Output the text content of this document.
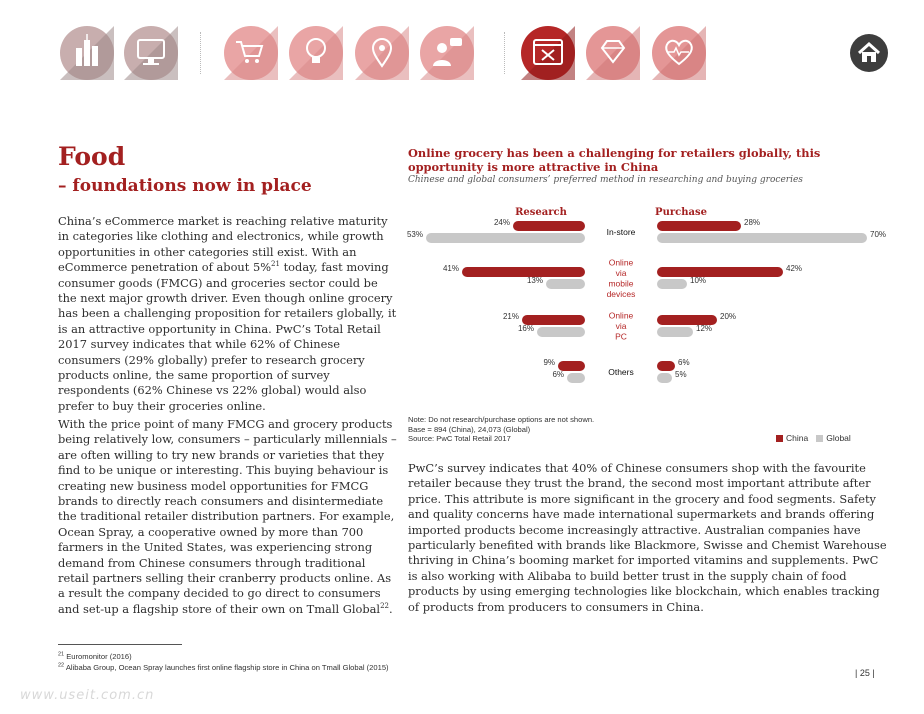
Food
– foundations now in place

China’s eCommerce market is reaching relative maturity in categories like clothing and electronics, while growth opportunities in other categories still exist. With an eCommerce penetration of about 5%$^{21}$ today, fast moving consumer goods (FMCG) and groceries sector could be the next major growth driver. Even though online grocery has been a challenging proposition for retailers globally, it is an attractive opportunity in China. PwC’s Total Retail 2017 survey indicates that while 62% of Chinese consumers (29% globally) prefer to research grocery products online, the same proportion of survey respondents (62% Chinese vs 22% global) would also prefer to buy their groceries online.

With the price point of many FMCG and grocery products being relatively low, consumers – particularly millennials – are often willing to try new brands or varieties that they find to be unique or interesting. This buying behaviour is creating new business model opportunities for FMCG brands to directly reach consumers and disintermediate the traditional retailer distribution partners. For example, Ocean Spray, a cooperative owned by more than 700 farmers in the United States, was experiencing strong demand from Chinese consumers through traditional retail partners selling their cranberry products online. As a result the company decided to go direct to consumers and set-up a flagship store of their own on Tmall Global$^{22}$.

Online grocery has been a challenging for retailers globally, this opportunity is more attractive in China

Chinese and global consumers’ preferred method in researching and buying groceries

Research	Purchase
In-store
24%	28%
53%	70%
Online
via
mobile
devices
41%	42%
13%	10%
Online
via
PC
21%	20%
16%	12%
Others
9%	6%
6%	5%

Note: Do not research/purchase options are not shown.
Base = 894 (China), 24,073 (Global)
Source: PwC Total Retail 2017	China	Global

PwC’s survey indicates that 40% of Chinese consumers shop with the favourite retailer because they trust the brand, the second most important attribute after price. This attribute is more significant in the grocery and food segments. Safety and quality concerns have made international supermarkets and brands offering imported products become increasingly attractive. Australian companies have particularly benefited with brands like Blackmore, Swisse and Chemist Warehouse thriving in China’s booming market for imported vitamins and supplements. PwC is also working with Alibaba to build better trust in the supply chain of food products by using emerging technologies like blockchain, which enables tracking of products from producers to consumers in China.

$^{21}$ Euromonitor (2016)
$^{22}$ Alibaba Group, Ocean Spray launches first online flagship store in China on Tmall Global (2015)

| 25 |
www.useit.com.cn
